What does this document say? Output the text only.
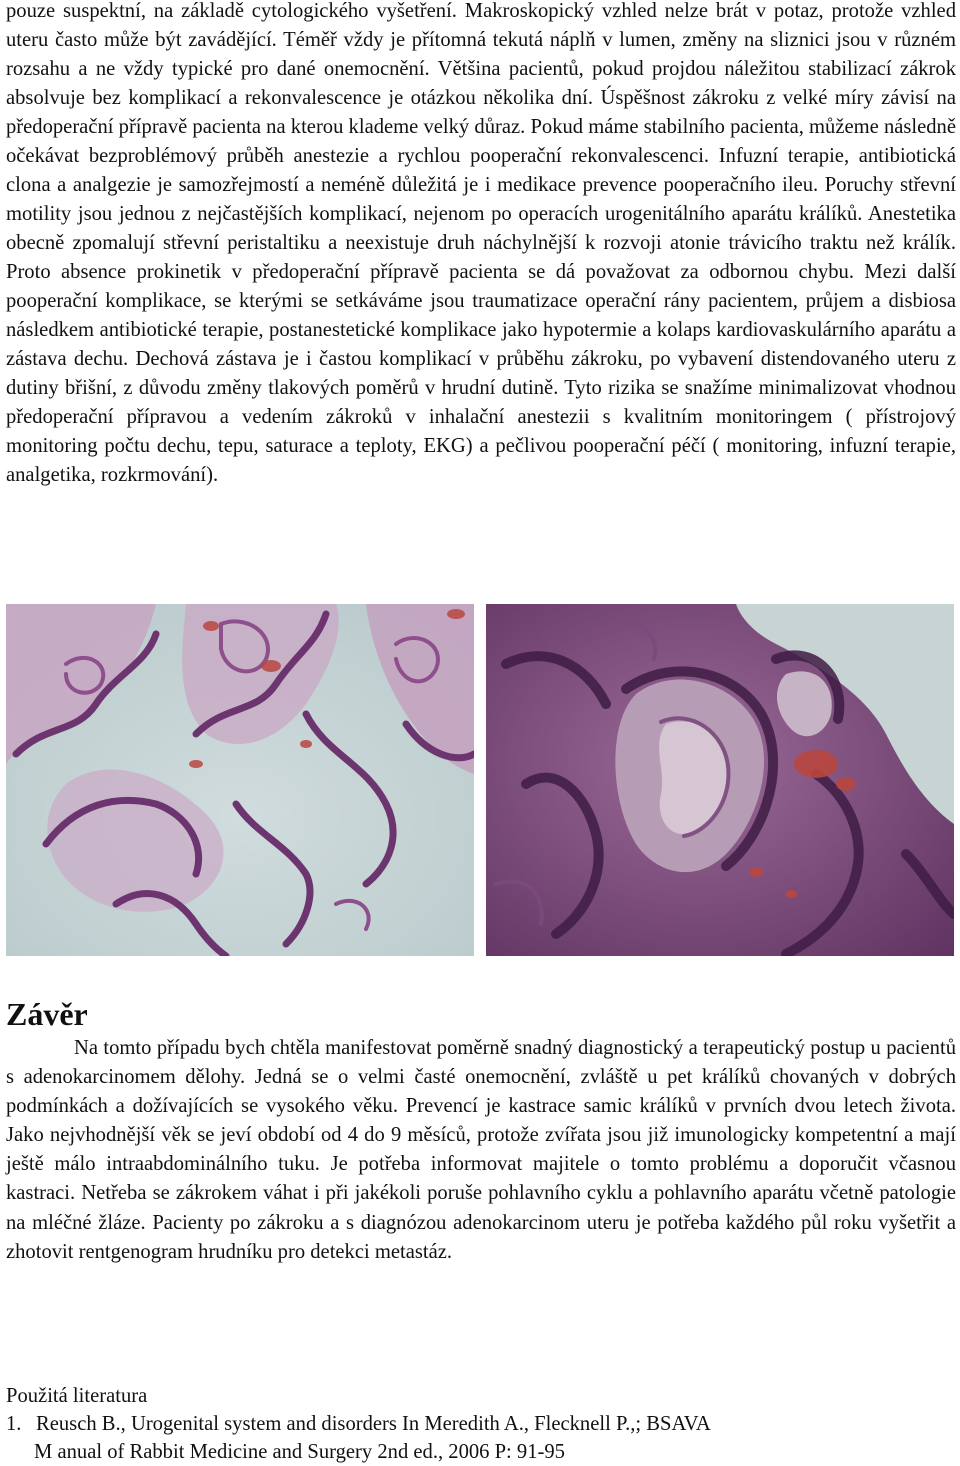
pouze suspektní, na základě cytologického vyšetření. Makroskopický vzhled nelze brát v potaz, protože vzhled uteru často může být zavádějící. Téměř vždy je přítomná tekutá náplň v lumen, změny na sliznici jsou v různém rozsahu a ne vždy typické pro dané onemocnění. Většina pacientů, pokud projdou náležitou stabilizací zákrok absolvuje bez komplikací a rekonvalescence je otázkou několika dní. Úspěšnost zákroku z velké míry závisí na předoperační přípravě pacienta na kterou klademe velký důraz. Pokud máme stabilního pacienta, můžeme následně očekávat bezproblémový průběh anestezie a rychlou pooperační rekonvalescenci. Infuzní terapie, antibiotická clona a analgezie je samozřejmostí a neméně důležitá je i medikace prevence pooperačního ileu. Poruchy střevní motility jsou jednou z nejčastějších komplikací, nejenom po operacích urogenitálního aparátu králíků. Anestetika obecně zpomalují střevní peristaltiku a neexistuje druh náchylnější k rozvoji atonie trávicího traktu než králík. Proto absence prokinetik v předoperační přípravě pacienta se dá považovat za odbornou chybu. Mezi další pooperační komplikace, se kterými se setkáváme jsou traumatizace operační rány pacientem, průjem a disbiosa následkem antibiotické terapie, postanestetické komplikace jako hypotermie a kolaps kardiovaskulárního aparátu a zástava dechu. Dechová zástava je i častou komplikací v průběhu zákroku, po vybavení distendovaného uteru z dutiny břišní, z důvodu změny tlakových poměrů v hrudní dutině. Tyto rizika se snažíme minimalizovat vhodnou předoperační přípravou a vedením zákroků v inhalační anestezii s kvalitním monitoringem ( přístrojový monitoring počtu dechu, tepu, saturace a teploty, EKG) a pečlivou pooperační péčí ( monitoring, infuzní terapie, analgetika, rozkrmování).

Závěr

Na tomto případu bych chtěla manifestovat poměrně snadný diagnostický a terapeutický postup u pacientů s adenokarcinomem dělohy. Jedná se o velmi časté onemocnění, zvláště u pet králíků chovaných v dobrých podmínkách a dožívajících se vysokého věku. Prevencí je kastrace samic králíků v prvních dvou letech života. Jako nejvhodnější věk se jeví období od 4 do 9 měsíců, protože zvířata jsou již imunologicky kompetentní a mají ještě málo intraabdominálního tuku. Je potřeba informovat majitele o tomto problému a doporučit včasnou kastraci. Netřeba se zákrokem váhat i při jakékoli poruše pohlavního cyklu a pohlavního aparátu včetně patologie na mléčné žláze. Pacienty po zákroku a s diagnózou adenokarcinom uteru je potřeba každého půl roku vyšetřit a zhotovit rentgenogram hrudníku pro detekci metastáz.

Použitá literatura

1. Reusch B., Urogenital system and disorders In Meredith A., Flecknell P.,; BSAVA
M anual of Rabbit Medicine and Surgery 2nd ed., 2006 P: 91-95
